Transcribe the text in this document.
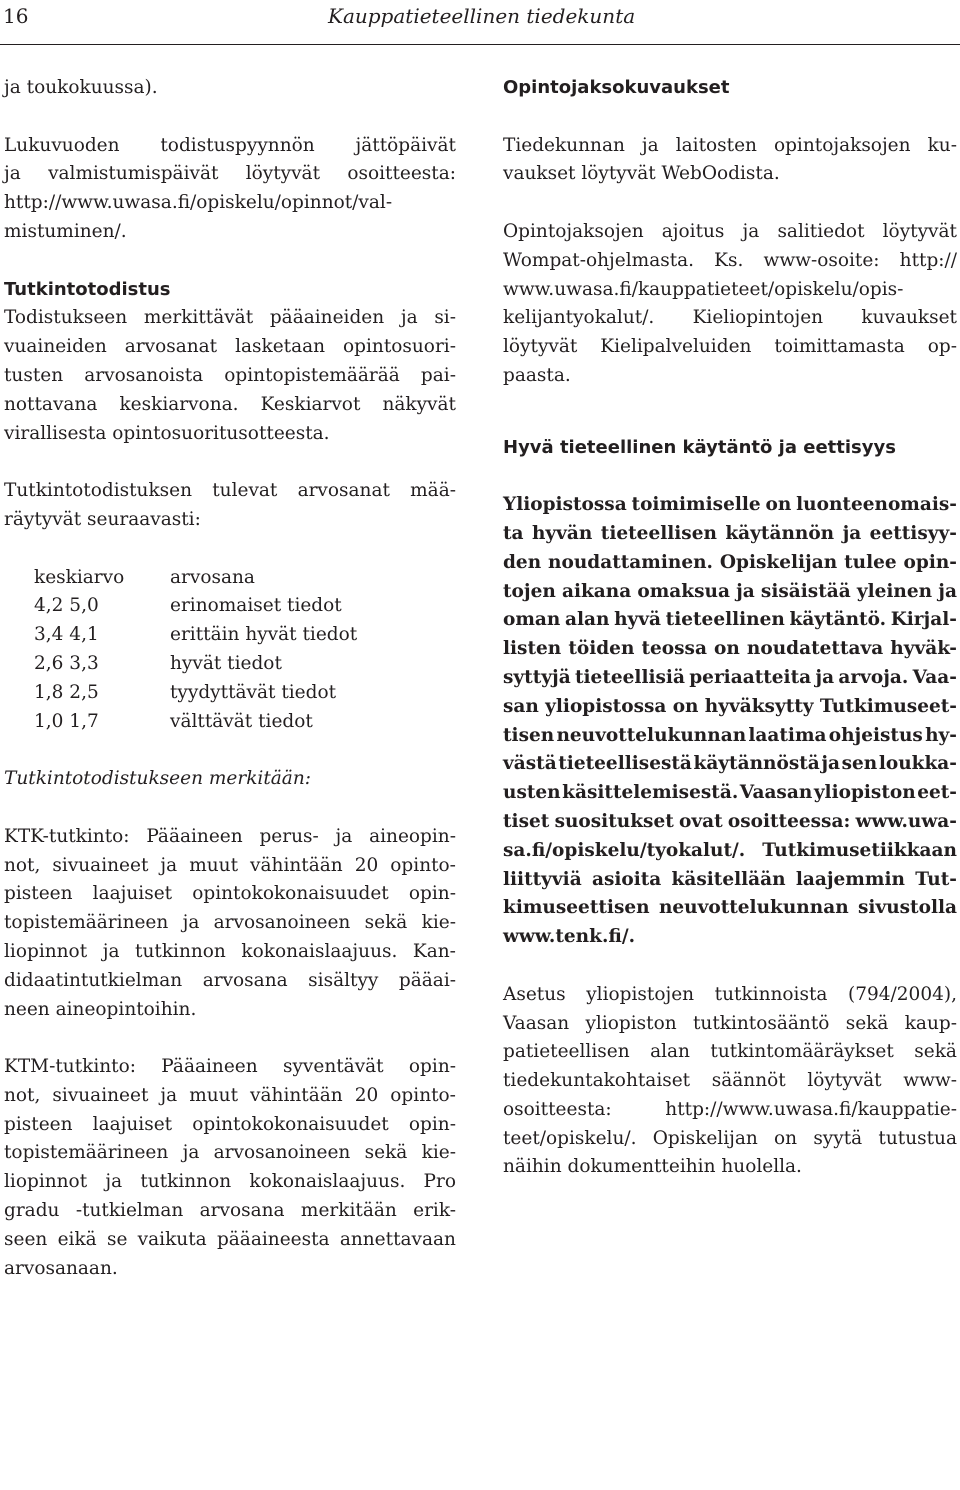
16	Kauppatieteellinen tiedekunta

ja toukokuussa).

Lukuvuoden todistuspyynnön jättöpäivät
ja valmistumispäivät löytyvät osoitteesta:
http://www.uwasa.fi/opiskelu/opinnot/val-
mistuminen/.

Tutkintotodistus

Todistukseen merkittävät pääaineiden ja si-
vuaineiden arvosanat lasketaan opintosuori-
tusten arvosanoista opintopistemäärää pai-
nottavana keskiarvona. Keskiarvot näkyvät
virallisesta opintosuoritusotteesta.

Tutkintotodistuksen tulevat arvosanat mää-
räytyvät seuraavasti:

keskiarvo	arvosana
4,2 5,0	erinomaiset tiedot
3,4 4,1	erittäin hyvät tiedot
2,6 3,3	hyvät tiedot
1,8 2,5	tyydyttävät tiedot
1,0 1,7	välttävät tiedot
Tutkintotodistukseen merkitään:

KTK-tutkinto: Pääaineen perus- ja aineopin-
not, sivuaineet ja muut vähintään 20 opinto-
pisteen laajuiset opintokokonaisuudet opin-
topistemäärineen ja arvosanoineen sekä kie-
liopinnot ja tutkinnon kokonaislaajuus. Kan-
didaatintutkielman arvosana sisältyy pääai-
neen aineopintoihin.

KTM-tutkinto: Pääaineen syventävät opin-
not, sivuaineet ja muut vähintään 20 opinto-
pisteen laajuiset opintokokonaisuudet opin-
topistemäärineen ja arvosanoineen sekä kie-
liopinnot ja tutkinnon kokonaislaajuus. Pro
gradu -tutkielman arvosana merkitään erik-
seen eikä se vaikuta pääaineesta annettavaan
arvosanaan.

Opintojaksokuvaukset

Tiedekunnan ja laitosten opintojaksojen ku-
vaukset löytyvät WebOodista.

Opintojaksojen ajoitus ja salitiedot löytyvät
Wompat-ohjelmasta. Ks. www-osoite: http://
www.uwasa.fi/kauppatieteet/opiskelu/opis-
kelijantyokalut/. Kieliopintojen kuvaukset
löytyvät Kielipalveluiden toimittamasta op-
paasta.

Hyvä tieteellinen käytäntö ja eettisyys

Yliopistossa toimimiselle on luonteenomais-
ta hyvän tieteellisen käytännön ja eettisyy-
den noudattaminen. Opiskelijan tulee opin-
tojen aikana omaksua ja sisäistää yleinen ja
oman alan hyvä tieteellinen käytäntö. Kirjal-
listen töiden teossa on noudatettava hyväk-
syttyjä tieteellisiä periaatteita ja arvoja. Vaa-
san yliopistossa on hyväksytty Tutkimuseet-
tisen neuvottelukunnan laatima ohjeistus hy-
västä tieteellisestä käytännöstä ja sen loukka-
usten käsittelemisestä. Vaasan yliopiston eet-
tiset suositukset ovat osoitteessa: www.uwa-
sa.fi/opiskelu/tyokalut/. Tutkimusetiikkaan
liittyviä asioita käsitellään laajemmin Tut-
kimuseettisen neuvottelukunnan sivustolla
www.tenk.fi/.

Asetus yliopistojen tutkinnoista (794/2004),
Vaasan yliopiston tutkintosääntö sekä kaup-
patieteellisen alan tutkintomääräykset sekä
tiedekuntakohtaiset säännöt löytyvät www-
osoitteesta:	http://www.uwasa.fi/kauppatie-
teet/opiskelu/. Opiskelijan on syytä tutustua
näihin dokumentteihin huolella.
